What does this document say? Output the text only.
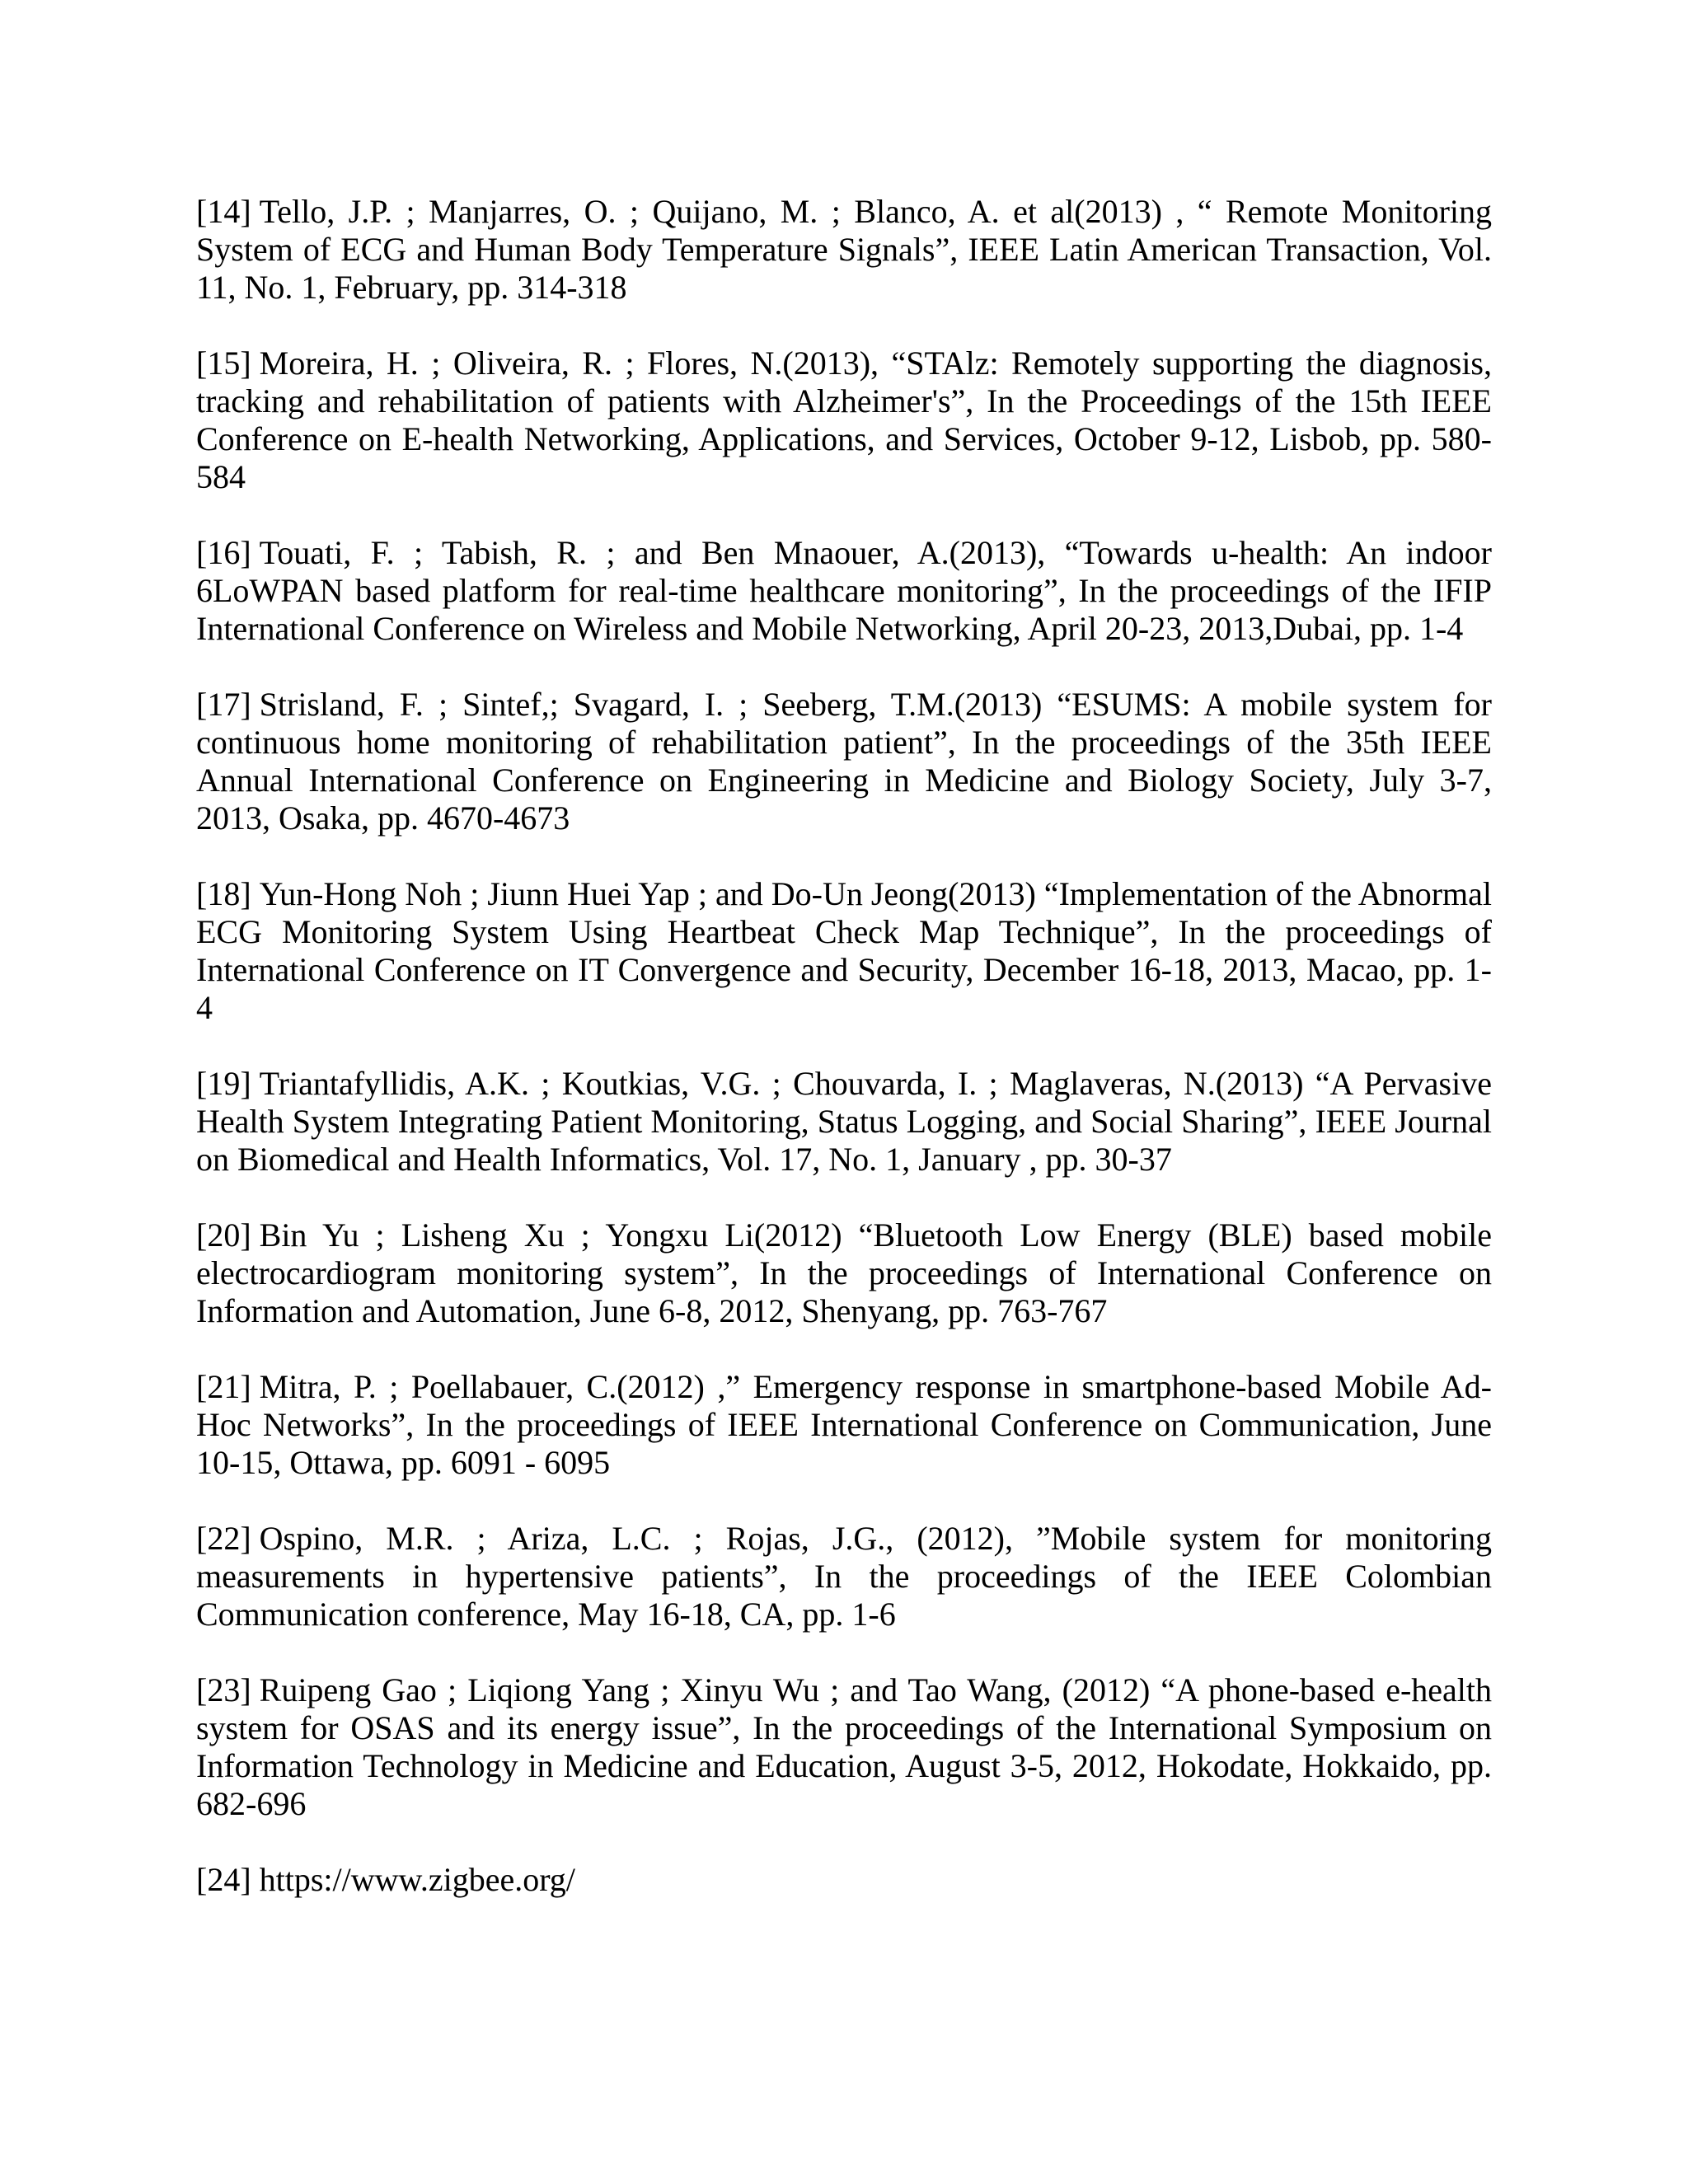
[14] Tello, J.P. ; Manjarres, O. ; Quijano, M. ; Blanco, A. et al(2013) , “ Remote Monitoring System of ECG and Human Body Temperature Signals”, IEEE Latin American Transaction, Vol. 11, No. 1, February, pp. 314-318

[15] Moreira, H. ; Oliveira, R. ; Flores, N.(2013), “STAlz: Remotely supporting the diagnosis, tracking and rehabilitation of patients with Alzheimer's”, In the Proceedings of the 15th IEEE Conference on E-health Networking, Applications, and Services, October 9-12, Lisbob, pp. 580-584

[16] Touati, F. ; Tabish, R. ; and Ben Mnaouer, A.(2013), “Towards u-health: An indoor 6LoWPAN based platform for real-time healthcare monitoring”, In the proceedings of the IFIP International Conference on Wireless and Mobile Networking, April 20-23, 2013,Dubai, pp. 1-4

[17] Strisland, F. ; Sintef,; Svagard, I. ; Seeberg, T.M.(2013) “ESUMS: A mobile system for continuous home monitoring of rehabilitation patient”, In the proceedings of the 35th IEEE Annual International Conference on Engineering in Medicine and Biology Society, July 3-7, 2013, Osaka, pp. 4670-4673

[18] Yun-Hong Noh ; Jiunn Huei Yap ; and Do-Un Jeong(2013) “Implementation of the Abnormal ECG Monitoring System Using Heartbeat Check Map Technique”, In the proceedings of International Conference on IT Convergence and Security, December 16-18, 2013, Macao, pp. 1-4

[19] Triantafyllidis, A.K. ; Koutkias, V.G. ; Chouvarda, I. ; Maglaveras, N.(2013) “A Pervasive Health System Integrating Patient Monitoring, Status Logging, and Social Sharing”, IEEE Journal on Biomedical and Health Informatics, Vol. 17, No. 1, January , pp. 30-37

[20] Bin Yu ; Lisheng Xu ; Yongxu Li(2012) “Bluetooth Low Energy (BLE) based mobile electrocardiogram monitoring system”, In the proceedings of International Conference on Information and Automation, June 6-8, 2012, Shenyang, pp. 763-767

[21] Mitra, P. ; Poellabauer, C.(2012) ,” Emergency response in smartphone-based Mobile Ad-Hoc Networks”, In the proceedings of IEEE International Conference on Communication, June 10-15, Ottawa, pp. 6091 - 6095

[22] Ospino, M.R. ; Ariza, L.C. ; Rojas, J.G., (2012), ”Mobile system for monitoring measurements in hypertensive patients”, In the proceedings of the IEEE Colombian Communication conference, May 16-18, CA, pp. 1-6

[23] Ruipeng Gao ; Liqiong Yang ; Xinyu Wu ; and Tao Wang, (2012) “A phone-based e-health system for OSAS and its energy issue”, In the proceedings of the International Symposium on Information Technology in Medicine and Education, August 3-5, 2012, Hokodate, Hokkaido, pp. 682-696

[24] https://www.zigbee.org/
